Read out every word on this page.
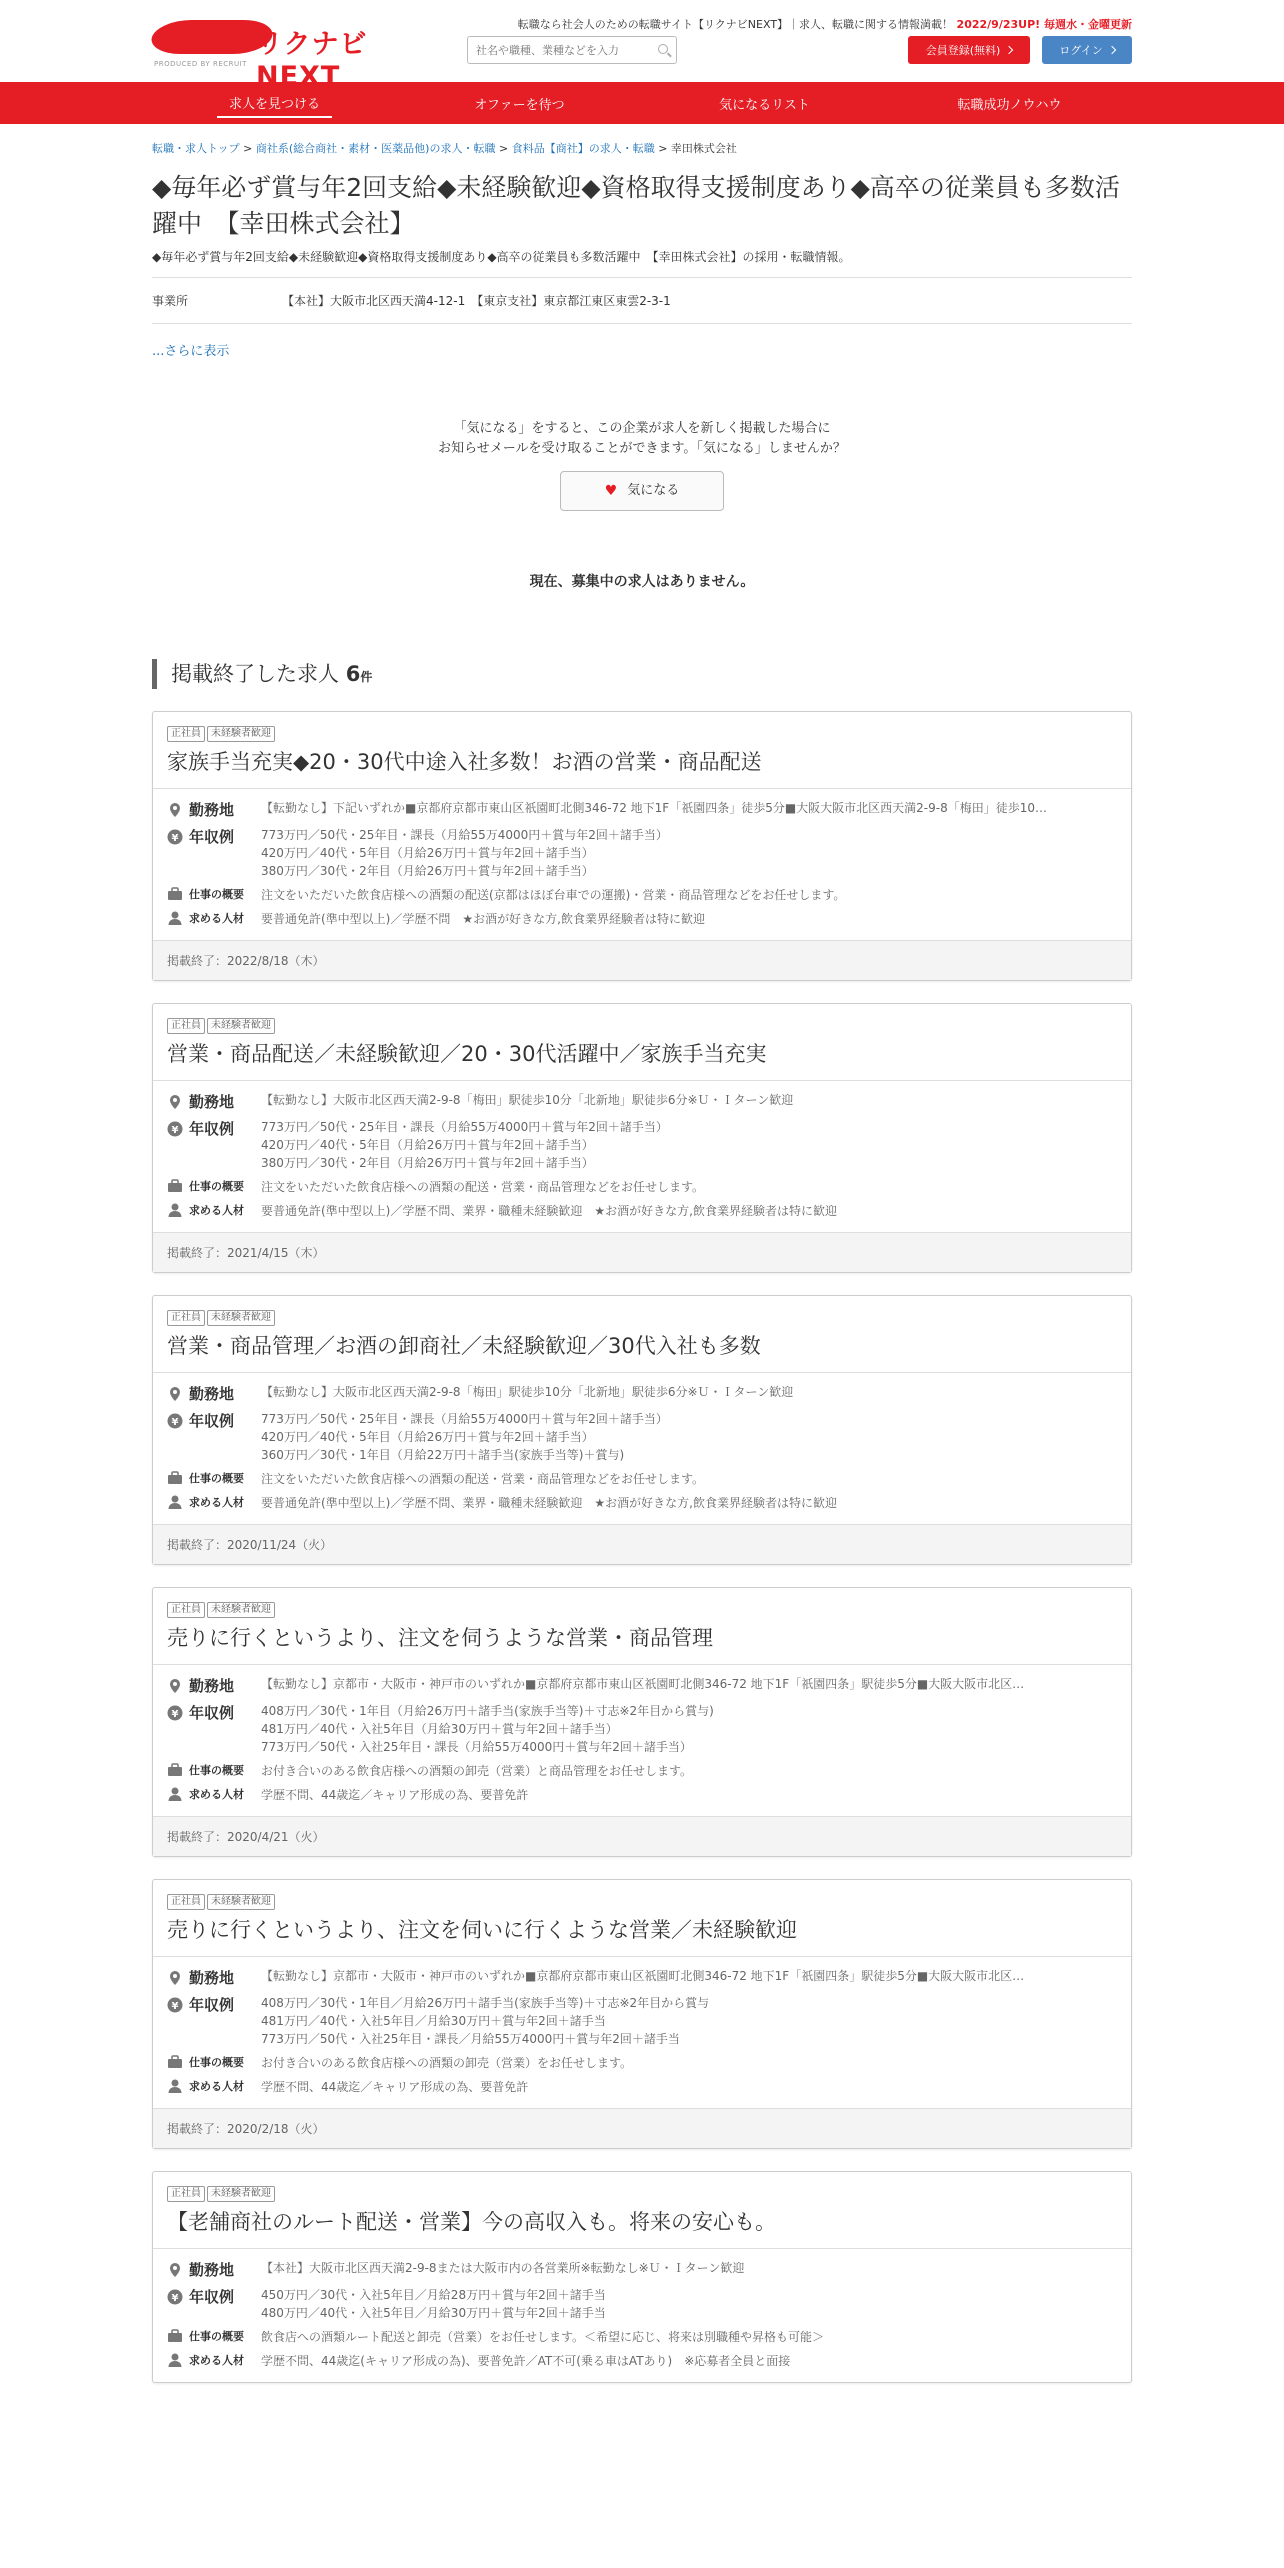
リクナビNEXT
PRODUCED BY RECRUIT
転職なら社会人のための転職サイト【リクナビNEXT】｜求人、転職に関する情報満載！ 2022/9/23UP! 毎週水・金曜更新
社名や職種、業種などを入力
会員登録(無料)	ログイン
求人を見つける	オファーを待つ	気になるリスト	転職成功ノウハウ
転職・求人トップ > 商社系(総合商社・素材・医薬品他)の求人・転職 > 食料品【商社】の求人・転職 > 幸田株式会社
◆毎年必ず賞与年2回支給◆未経験歓迎◆資格取得支援制度あり◆高卒の従業員も多数活躍中　【幸田株式会社】
◆毎年必ず賞与年2回支給◆未経験歓迎◆資格取得支援制度あり◆高卒の従業員も多数活躍中　【幸田株式会社】の採用・転職情報。
事業所	【本社】大阪市北区西天満4-12-1　【東京支社】東京都江東区東雲2-3-1
...さらに表示
「気になる」をすると、この企業が求人を新しく掲載した場合に
お知らせメールを受け取ることができます。「気になる」しませんか？
♥ 気になる
現在、募集中の求人はありません。
掲載終了した求人 6件
正社員	未経験者歓迎
家族手当充実◆20・30代中途入社多数！お酒の営業・商品配送
勤務地 【転勤なし】下記いずれか■京都府京都市東山区祇園町北側346-72 地下1F「祇園四条」徒歩5分■大阪大阪市北区西天満2-9-8「梅田」徒歩10…
¥ 年収例 773万円／50代・25年目・課長（月給55万4000円＋賞与年2回＋諸手当）
420万円／40代・5年目（月給26万円＋賞与年2回＋諸手当）
380万円／30代・2年目（月給26万円＋賞与年2回＋諸手当）
仕事の概要 注文をいただいた飲食店様への酒類の配送(京都はほぼ台車での運搬)・営業・商品管理などをお任せします。
求める人材 要普通免許(準中型以上)／学歴不問　★お酒が好きな方,飲食業界経験者は特に歓迎
掲載終了：2022/8/18（木）
正社員	未経験者歓迎
営業・商品配送／未経験歓迎／20・30代活躍中／家族手当充実
勤務地 【転勤なし】大阪市北区西天満2-9-8「梅田」駅徒歩10分「北新地」駅徒歩6分※Ｕ・Ｉターン歓迎
¥ 年収例 773万円／50代・25年目・課長（月給55万4000円＋賞与年2回＋諸手当）
420万円／40代・5年目（月給26万円＋賞与年2回＋諸手当）
380万円／30代・2年目（月給26万円＋賞与年2回＋諸手当）
仕事の概要 注文をいただいた飲食店様への酒類の配送・営業・商品管理などをお任せします。
求める人材 要普通免許(準中型以上)／学歴不問、業界・職種未経験歓迎　★お酒が好きな方,飲食業界経験者は特に歓迎
掲載終了：2021/4/15（木）
正社員	未経験者歓迎
営業・商品管理／お酒の卸商社／未経験歓迎／30代入社も多数
勤務地 【転勤なし】大阪市北区西天満2-9-8「梅田」駅徒歩10分「北新地」駅徒歩6分※Ｕ・Ｉターン歓迎
¥ 年収例 773万円／50代・25年目・課長（月給55万4000円＋賞与年2回＋諸手当）
420万円／40代・5年目（月給26万円＋賞与年2回＋諸手当）
360万円／30代・1年目（月給22万円＋諸手当(家族手当等)＋賞与)
仕事の概要 注文をいただいた飲食店様への酒類の配送・営業・商品管理などをお任せします。
求める人材 要普通免許(準中型以上)／学歴不問、業界・職種未経験歓迎　★お酒が好きな方,飲食業界経験者は特に歓迎
掲載終了：2020/11/24（火）
正社員	未経験者歓迎
売りに行くというより、注文を伺うような営業・商品管理
勤務地 【転勤なし】京都市・大阪市・神戸市のいずれか■京都府京都市東山区祇園町北側346-72 地下1F「祇園四条」駅徒歩5分■大阪大阪市北区…
¥ 年収例 408万円／30代・1年目（月給26万円＋諸手当(家族手当等)＋寸志※2年目から賞与)
481万円／40代・入社5年目（月給30万円＋賞与年2回＋諸手当）
773万円／50代・入社25年目・課長（月給55万4000円＋賞与年2回＋諸手当）
仕事の概要 お付き合いのある飲食店様への酒類の卸売（営業）と商品管理をお任せします。
求める人材 学歴不問、44歳迄／キャリア形成の為、要普免許
掲載終了：2020/4/21（火）
正社員	未経験者歓迎
売りに行くというより、注文を伺いに行くような営業／未経験歓迎
勤務地 【転勤なし】京都市・大阪市・神戸市のいずれか■京都府京都市東山区祇園町北側346-72 地下1F「祇園四条」駅徒歩5分■大阪大阪市北区…
¥ 年収例 408万円／30代・1年目／月給26万円＋諸手当(家族手当等)＋寸志※2年目から賞与
481万円／40代・入社5年目／月給30万円＋賞与年2回＋諸手当
773万円／50代・入社25年目・課長／月給55万4000円＋賞与年2回＋諸手当
仕事の概要 お付き合いのある飲食店様への酒類の卸売（営業）をお任せします。
求める人材 学歴不問、44歳迄／キャリア形成の為、要普免許
掲載終了：2020/2/18（火）
正社員	未経験者歓迎
【老舗商社のルート配送・営業】今の高収入も。将来の安心も。
勤務地 【本社】大阪市北区西天満2-9-8または大阪市内の各営業所※転勤なし※Ｕ・Ｉターン歓迎
¥ 年収例 450万円／30代・入社5年目／月給28万円＋賞与年2回＋諸手当
480万円／40代・入社5年目／月給30万円＋賞与年2回＋諸手当
仕事の概要 飲食店への酒類ルート配送と卸売（営業）をお任せします。＜希望に応じ、将来は別職種や昇格も可能＞
求める人材 学歴不問、44歳迄(キャリア形成の為)、要普免許／AT不可(乗る車はATあり)　※応募者全員と面接
